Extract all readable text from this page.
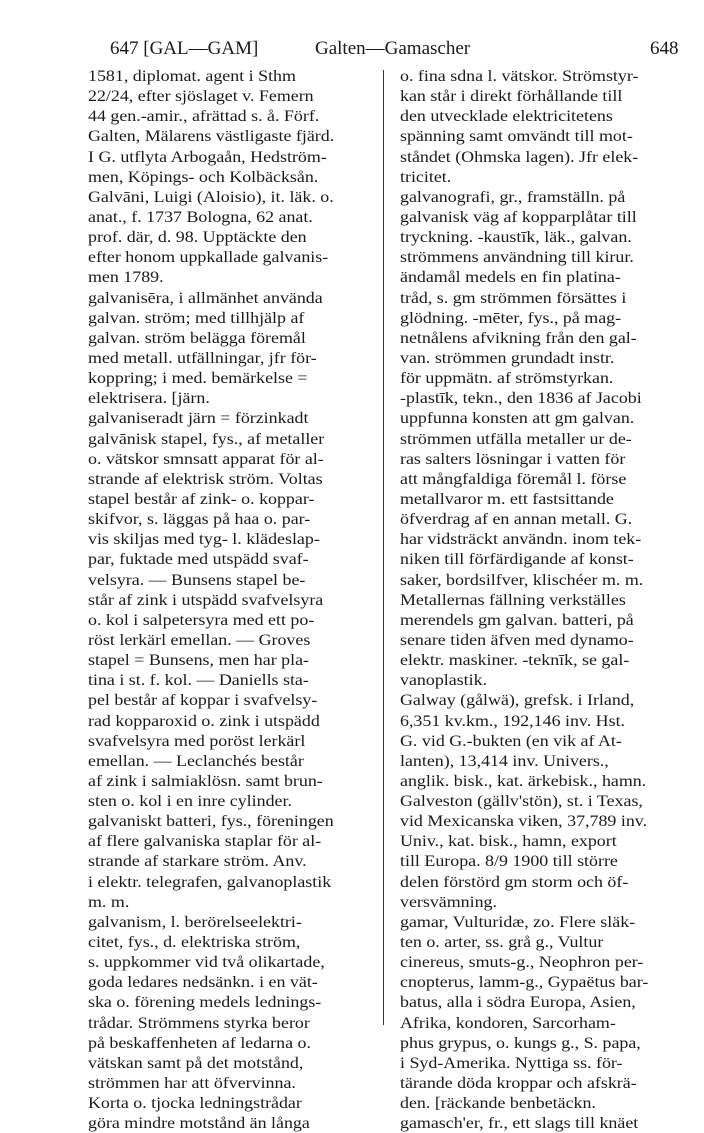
647 [GAL—GAM]	Galten—Gamascher	648
1581, diplomat. agent i Sthm
22/24, efter sjöslaget v. Femern
44 gen.-amir., afrättad s. å. Förf.
Galten, Mälarens västligaste fjärd.
I G. utflyta Arbogaån, Hedström-
men, Köpings- och Kolbäcksån.
Galvāni, Luigi (Aloisio), it. läk. o.
anat., f. 1737 Bologna, 62 anat.
prof. där, d. 98. Upptäckte den
efter honom uppkallade galvanis-
men 1789.
galvanisēra, i allmänhet använda
galvan. ström; med tillhjälp af
galvan. ström belägga föremål
med metall. utfällningar, jfr för-
koppring; i med. bemärkelse =
elektrisera. [järn.
galvaniseradt järn = förzinkadt
galvānisk stapel, fys., af metaller
o. vätskor smnsatt apparat för al-
strande af elektrisk ström. Voltas
stapel består af zink- o. koppar-
skifvor, s. läggas på haa o. par-
vis skiljas med tyg- l. klädeslap-
par, fuktade med utspädd svaf-
velsyra. — Bunsens stapel be-
står af zink i utspädd svafvelsyra
o. kol i salpetersyra med ett po-
röst lerkärl emellan. — Groves
stapel = Bunsens, men har pla-
tina i st. f. kol. — Daniells sta-
pel består af koppar i svafvelsy-
rad kopparoxid o. zink i utspädd
svafvelsyra med poröst lerkärl
emellan. — Leclanchés består
af zink i salmiaklösn. samt brun-
sten o. kol i en inre cylinder.
galvaniskt batteri, fys., föreningen
af flere galvaniska staplar för al-
strande af starkare ström. Anv.
i elektr. telegrafen, galvanoplastik
m. m.
galvanism, l. berörelseelektri-
citet, fys., d. elektriska ström,
s. uppkommer vid två olikartade,
goda ledares nedsänkn. i en vät-
ska o. förening medels lednings-
trådar. Strömmens styrka beror
på beskaffenheten af ledarna o.
vätskan samt på det motstånd,
strömmen har att öfvervinna.
Korta o. tjocka ledningstrådar
göra mindre motstånd än långa
o. fina sdna l. vätskor. Strömstyr-
kan står i direkt förhållande till
den utvecklade elektricitetens
spänning samt omvändt till mot-
ståndet (Ohmska lagen). Jfr elek-
tricitet.
galvanografi, gr., framställn. på
galvanisk väg af kopparplåtar till
tryckning. -kaustīk, läk., galvan.
strömmens användning till kirur.
ändamål medels en fin platina-
tråd, s. gm strömmen försättes i
glödning. -mēter, fys., på mag-
netnålens afvikning från den gal-
van. strömmen grundadt instr.
för uppmätn. af strömstyrkan.
-plastīk, tekn., den 1836 af Jacobi
uppfunna konsten att gm galvan.
strömmen utfälla metaller ur de-
ras salters lösningar i vatten för
att mångfaldiga föremål l. förse
metallvaror m. ett fastsittande
öfverdrag af en annan metall. G.
har vidsträckt användn. inom tek-
niken till förfärdigande af konst-
saker, bordsilfver, klischéer m. m.
Metallernas fällning verkställes
merendels gm galvan. batteri, på
senare tiden äfven med dynamo-
elektr. maskiner. -teknīk, se gal-
vanoplastik.
Galway (gålwä), grefsk. i Irland,
6,351 kv.km., 192,146 inv. Hst.
G. vid G.-bukten (en vik af At-
lanten), 13,414 inv. Univers.,
anglik. bisk., kat. ärkebisk., hamn.
Galveston (gällv'stön), st. i Texas,
vid Mexicanska viken, 37,789 inv.
Univ., kat. bisk., hamn, export
till Europa. 8/9 1900 till större
delen förstörd gm storm och öf-
versvämning.
gamar, Vulturidæ, zo. Flere släk-
ten o. arter, ss. grå g., Vultur
cinereus, smuts-g., Neophron per-
cnopterus, lamm-g., Gypaëtus bar-
batus, alla i södra Europa, Asien,
Afrika, kondoren, Sarcorham-
phus grypus, o. kungs g., S. papa,
i Syd-Amerika. Nyttiga ss. för-
tärande döda kroppar och afskrä-
den. [räckande benbetäckn.
gamasch'er, fr., ett slags till knäet
